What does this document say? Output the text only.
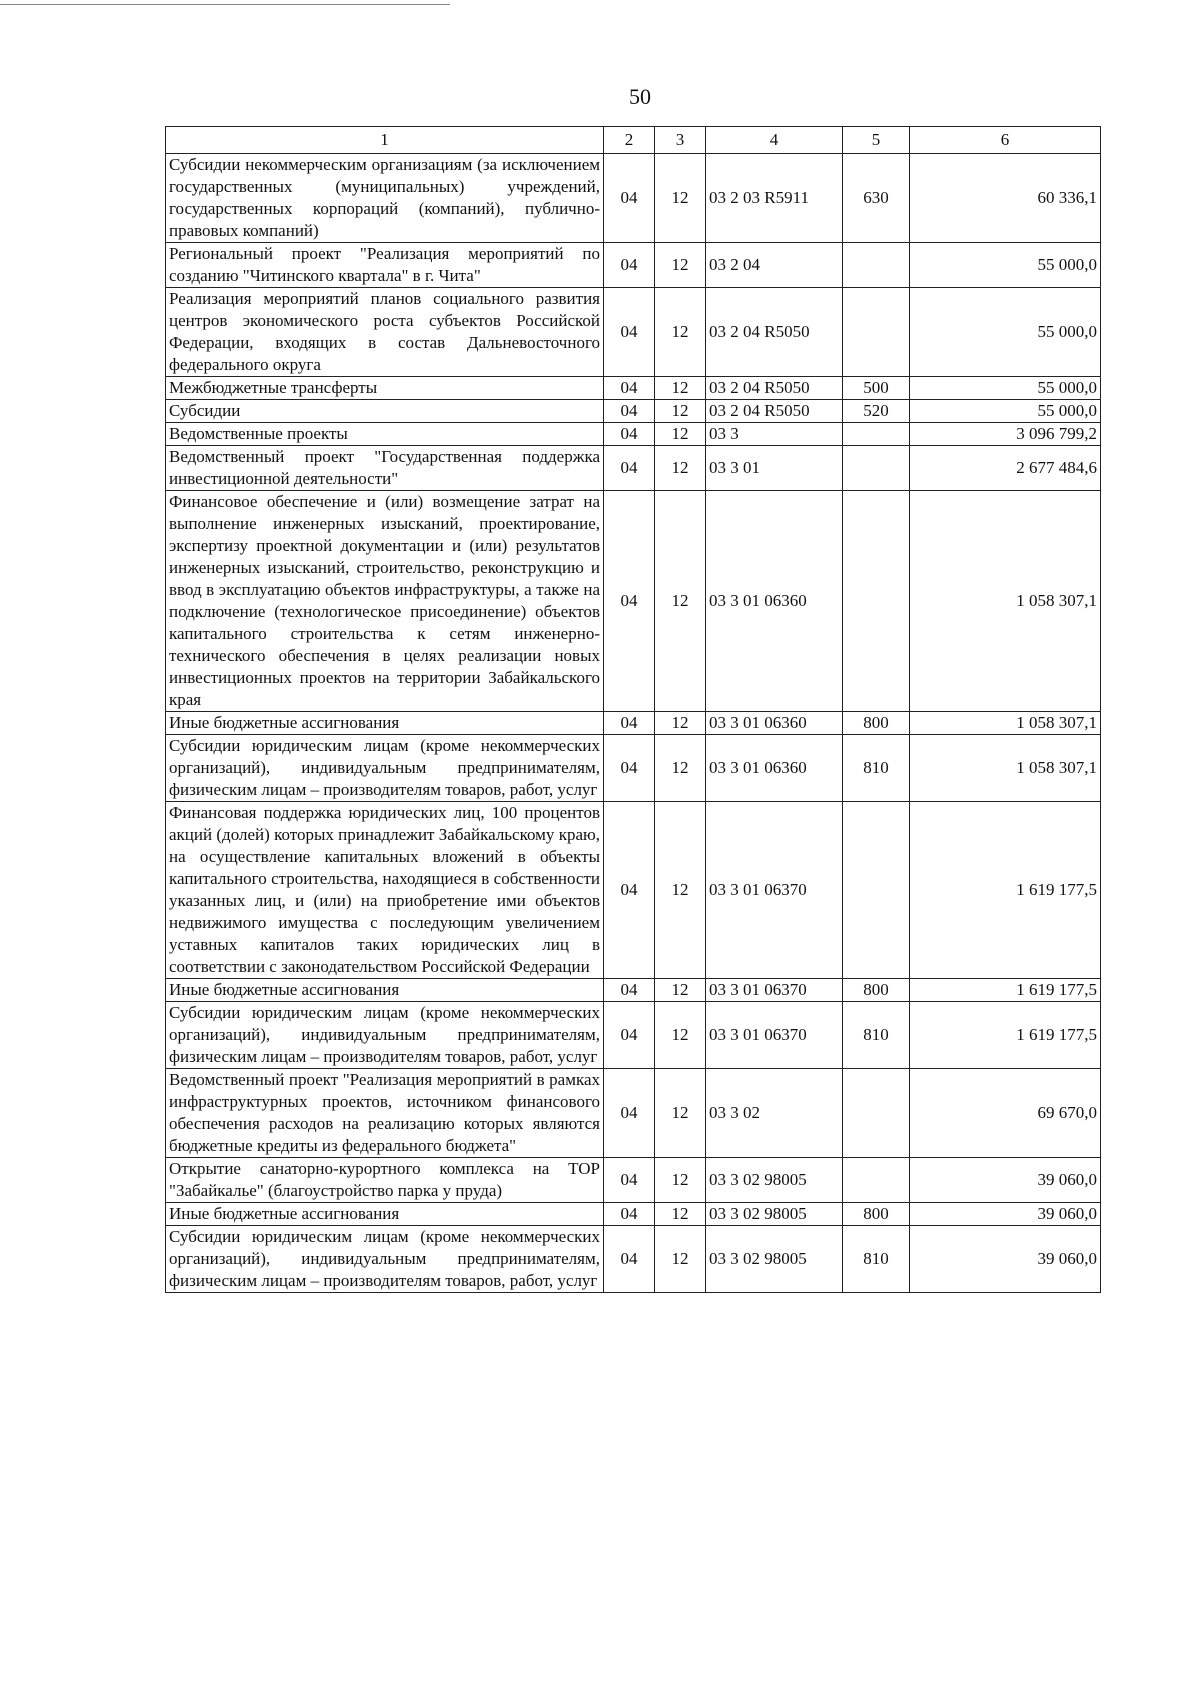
50
1	2	3	4	5	6
Субсидии некоммерческим организациям (за исключением государственных (муниципальных) учреждений, государственных корпораций (компаний), публично-правовых компаний)	04	12	03 2 03 R5911	630	60 336,1
Региональный проект "Реализация мероприятий по созданию "Читинского квартала" в г. Чита"	04	12	03 2 04		55 000,0
Реализация мероприятий планов социального развития центров экономического роста субъектов Российской Федерации, входящих в состав Дальневосточного федерального округа	04	12	03 2 04 R5050		55 000,0
Межбюджетные трансферты	04	12	03 2 04 R5050	500	55 000,0
Субсидии	04	12	03 2 04 R5050	520	55 000,0
Ведомственные проекты	04	12	03 3		3 096 799,2
Ведомственный проект "Государственная поддержка инвестиционной деятельности"	04	12	03 3 01		2 677 484,6
Финансовое обеспечение и (или) возмещение затрат на выполнение инженерных изысканий, проектирование, экспертизу проектной документации и (или) результатов инженерных изысканий, строительство, реконструкцию и ввод в эксплуатацию объектов инфраструктуры, а также на подключение (технологическое присоединение) объектов капитального строительства к сетям инженерно-технического обеспечения в целях реализации новых инвестиционных проектов на территории Забайкальского края	04	12	03 3 01 06360		1 058 307,1
Иные бюджетные ассигнования	04	12	03 3 01 06360	800	1 058 307,1
Субсидии юридическим лицам (кроме некоммерческих организаций), индивидуальным предпринимателям, физическим лицам – производителям товаров, работ, услуг	04	12	03 3 01 06360	810	1 058 307,1
Финансовая поддержка юридических лиц, 100 процентов акций (долей) которых принадлежит Забайкальскому краю, на осуществление капитальных вложений в объекты капитального строительства, находящиеся в собственности указанных лиц, и (или) на приобретение ими объектов недвижимого имущества с последующим увеличением уставных капиталов таких юридических лиц в соответствии с законодательством Российской Федерации	04	12	03 3 01 06370		1 619 177,5
Иные бюджетные ассигнования	04	12	03 3 01 06370	800	1 619 177,5
Субсидии юридическим лицам (кроме некоммерческих организаций), индивидуальным предпринимателям, физическим лицам – производителям товаров, работ, услуг	04	12	03 3 01 06370	810	1 619 177,5
Ведомственный проект "Реализация мероприятий в рамках инфраструктурных проектов, источником финансового обеспечения расходов на реализацию которых являются бюджетные кредиты из федерального бюджета"	04	12	03 3 02		69 670,0
Открытие санаторно-курортного комплекса на ТОР "Забайкалье" (благоустройство парка у пруда)	04	12	03 3 02 98005		39 060,0
Иные бюджетные ассигнования	04	12	03 3 02 98005	800	39 060,0
Субсидии юридическим лицам (кроме некоммерческих организаций), индивидуальным предпринимателям, физическим лицам – производителям товаров, работ, услуг	04	12	03 3 02 98005	810	39 060,0
